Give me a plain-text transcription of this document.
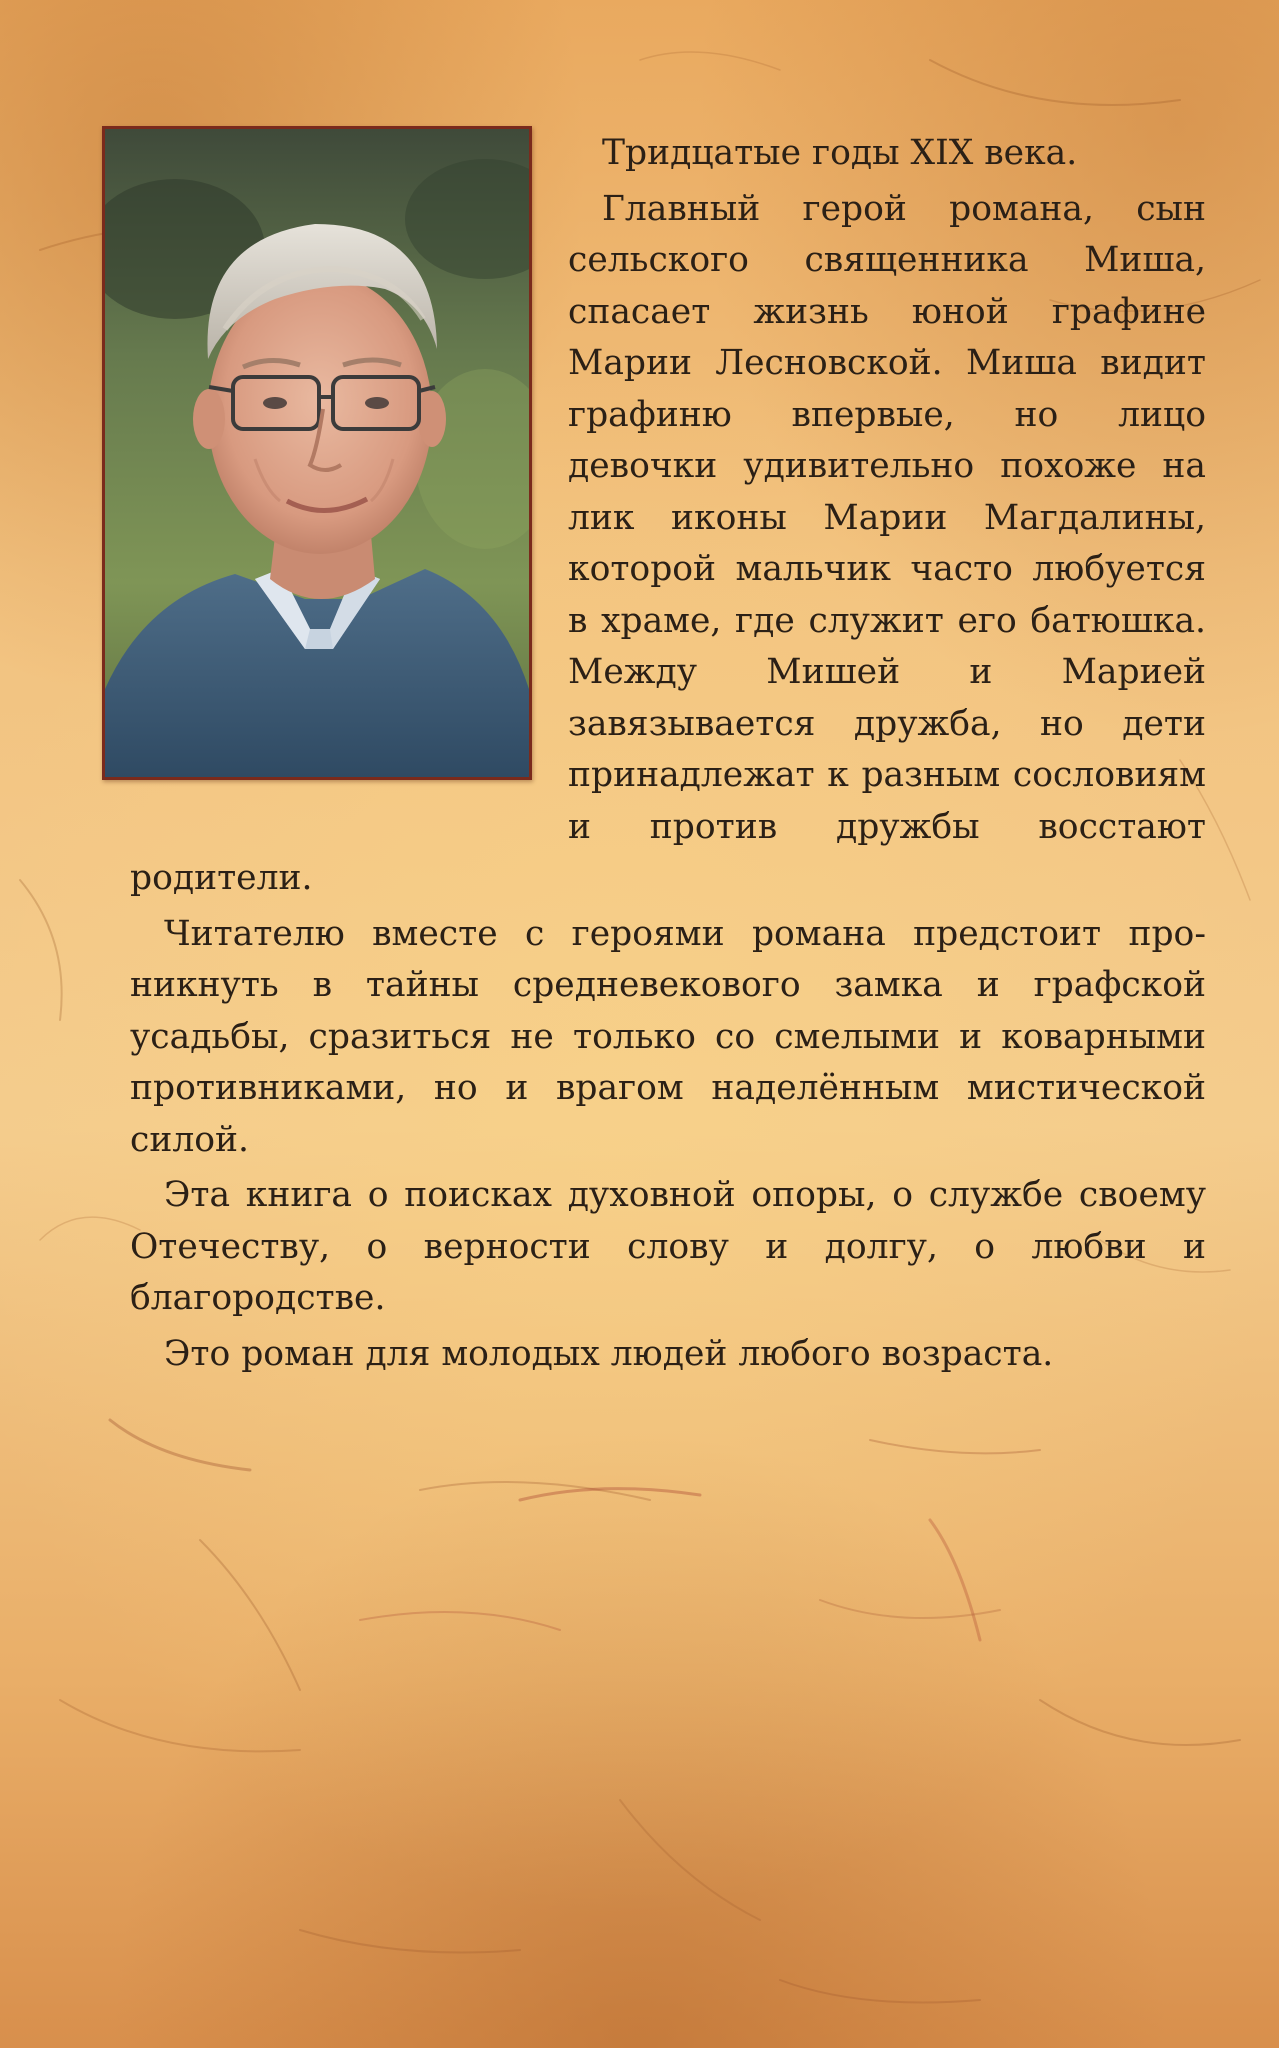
Тридцатые годы XIX века.

Главный герой романа, сын сельского священника Миша, спасает жизнь юной графине Марии Лесновской. Миша видит графиню впервые, но лицо девочки удивительно похоже на лик иконы Марии Магдалины, которой мальчик часто любуется в храме, где служит его батюшка. Между Мишей и Марией завязывается дружба, но дети принадлежат к разным сословиям и против дружбы восстают родители.

Читателю вместе с героями романа предстоит проникнуть в тайны средневекового замка и графской усадьбы, сразиться не только со смелыми и коварными противниками, но и врагом наделённым мистической силой.

Эта книга о поисках духовной опоры, о службе своему Отечеству, о верности слову и долгу, о любви и благородстве.

Это роман для молодых людей любого возраста.
